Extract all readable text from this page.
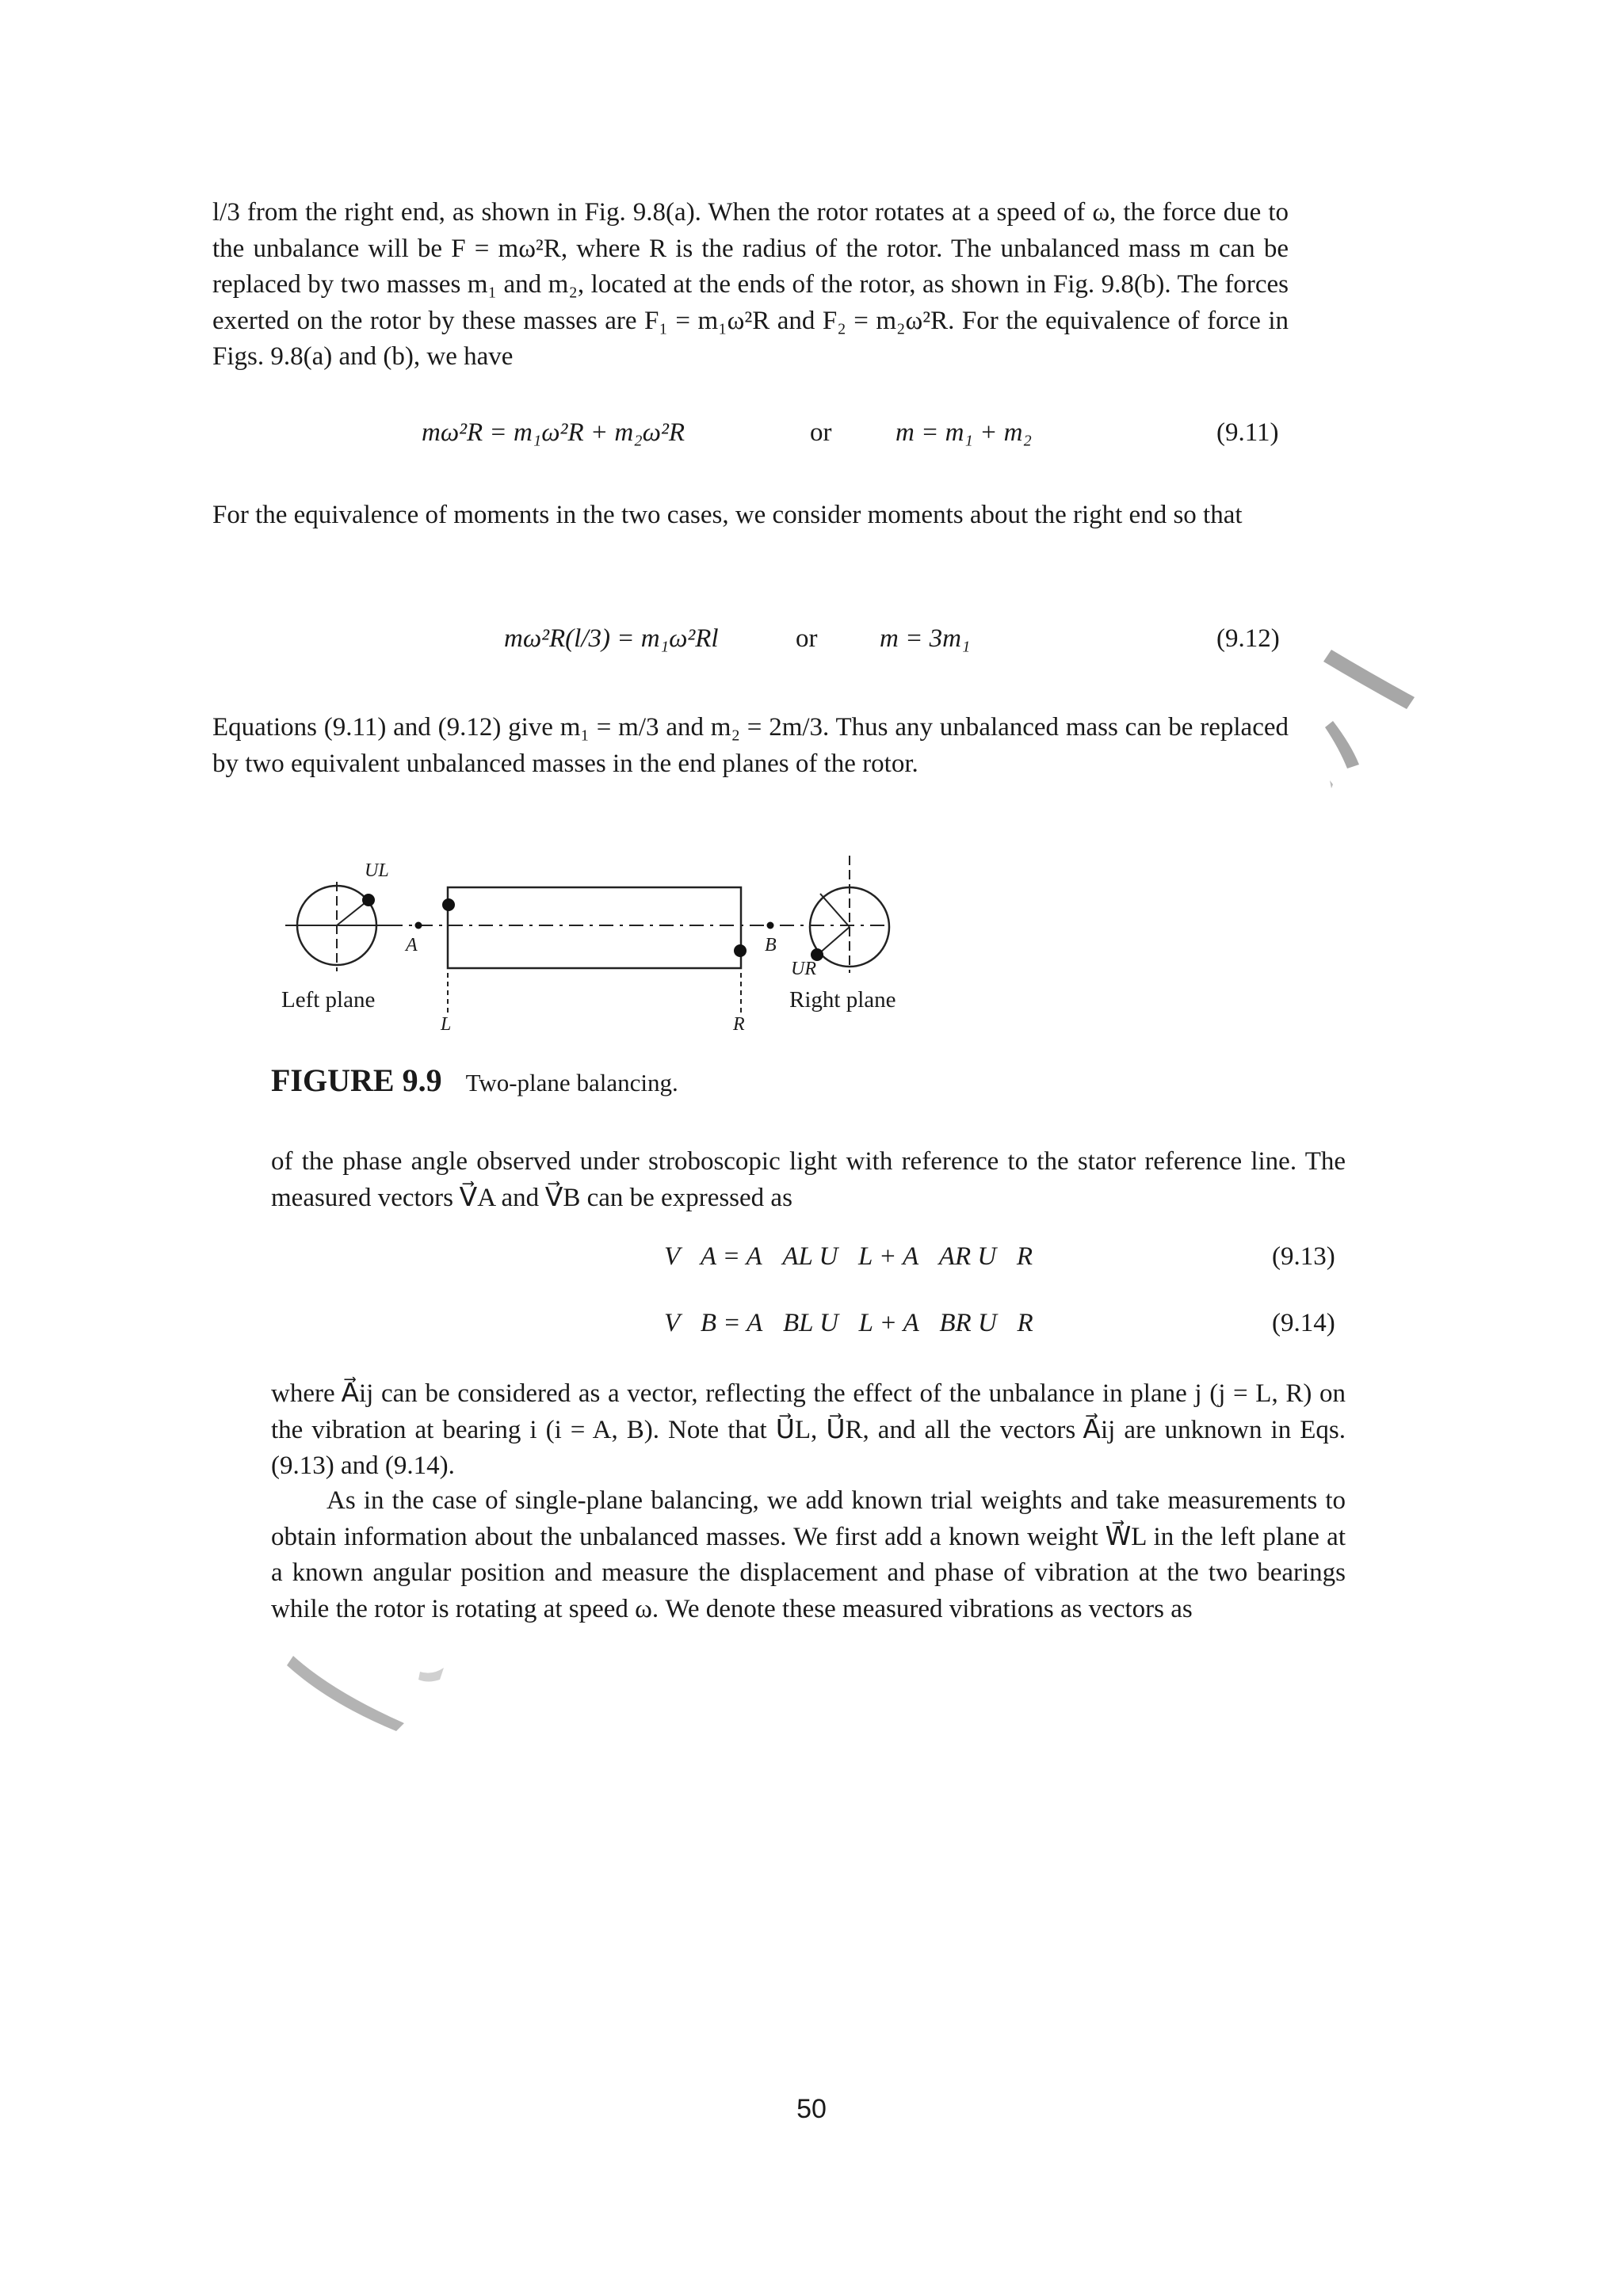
l/3 from the right end, as shown in Fig. 9.8(a). When the rotor rotates at a speed of ω, the force due to the unbalance will be F = mω²R, where R is the radius of the rotor. The unbalanced mass m can be replaced by two masses m₁ and m₂, located at the ends of the rotor, as shown in Fig. 9.8(b). The forces exerted on the rotor by these masses are F₁ = m₁ω²R and F₂ = m₂ω²R. For the equivalence of force in Figs. 9.8(a) and (b), we have

mω²R = m₁ω²R + m₂ω²R	or m = m₁ + m₂	(9.11)

For the equivalence of moments in the two cases, we consider moments about the right end so that

mω²R(l/3) = m₁ω²Rl	or m = 3m₁	(9.12)

Equations (9.11) and (9.12) give m₁ = m/3 and m₂ = 2m/3. Thus any unbalanced mass can be replaced by two equivalent unbalanced masses in the end planes of the rotor.

UL
A	B
UR
Left plane	Right plane
L	R
FIGURE 9.9 Two-plane balancing.

of the phase angle observed under stroboscopic light with reference to the stator reference line. The measured vectors V⃗A and V⃗B can be expressed as

V⃗A = A⃗AL U⃗L + A⃗AR U⃗R	(9.13)
V⃗B = A⃗BL U⃗L + A⃗BR U⃗R	(9.14)

where A⃗ij can be considered as a vector, reflecting the effect of the unbalance in plane j (j = L, R) on the vibration at bearing i (i = A, B). Note that U⃗L, U⃗R, and all the vectors A⃗ij are unknown in Eqs. (9.13) and (9.14).

As in the case of single-plane balancing, we add known trial weights and take measurements to obtain information about the unbalanced masses. We first add a known weight W⃗L in the left plane at a known angular position and measure the displacement and phase of vibration at the two bearings while the rotor is rotating at speed ω. We denote these measured vibrations as vectors as

50
